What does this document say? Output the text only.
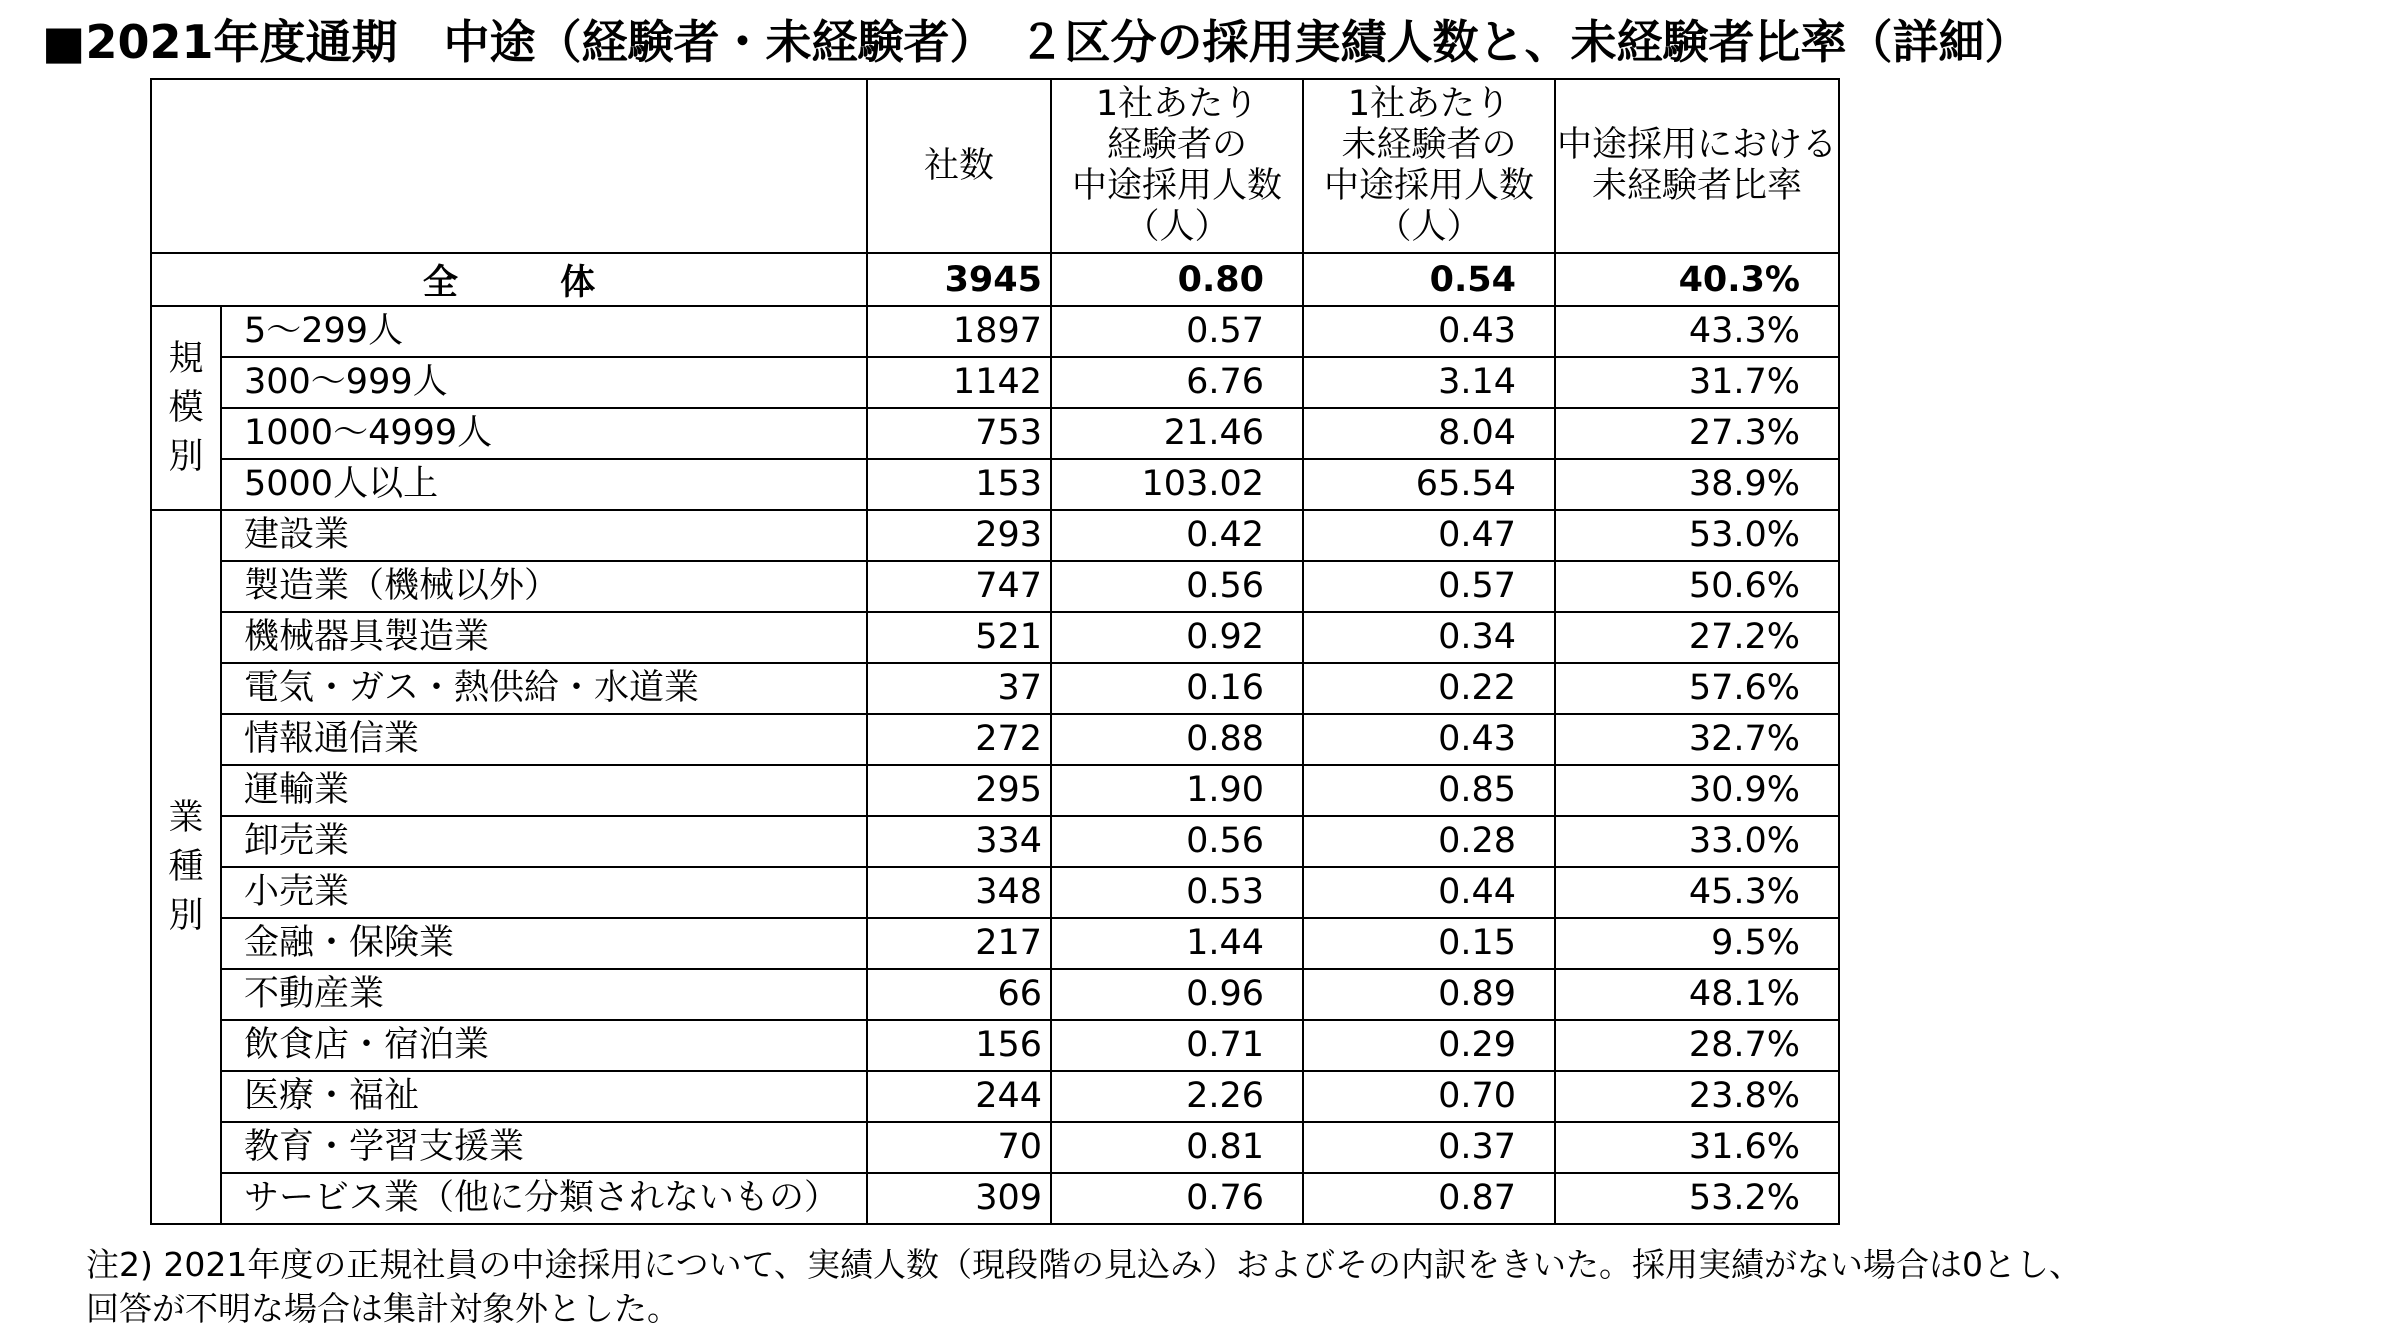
■2021年度通期　中途（経験者・未経験者）　２区分の採用実績人数と、未経験者比率（詳細）
		社数	1社あたり
経験者の
中途採用人数
（人）	1社あたり
未経験者の
中途採用人数
（人）	中途採用における
未経験者比率
全 体		3945	0.80	0.54	40.3%
規
模
別	5～299人	1897	0.57	0.43	43.3%
	300～999人	1142	6.76	3.14	31.7%
	1000～4999人	753	21.46	8.04	27.3%
	5000人以上	153	103.02	65.54	38.9%
業
種
別	建設業	293	0.42	0.47	53.0%
	製造業（機械以外）	747	0.56	0.57	50.6%
	機械器具製造業	521	0.92	0.34	27.2%
	電気・ガス・熱供給・水道業	37	0.16	0.22	57.6%
	情報通信業	272	0.88	0.43	32.7%
	運輸業	295	1.90	0.85	30.9%
	卸売業	334	0.56	0.28	33.0%
	小売業	348	0.53	0.44	45.3%
	金融・保険業	217	1.44	0.15	9.5%
	不動産業	66	0.96	0.89	48.1%
	飲食店・宿泊業	156	0.71	0.29	28.7%
	医療・福祉	244	2.26	0.70	23.8%
	教育・学習支援業	70	0.81	0.37	31.6%
	サービス業（他に分類されないもの）	309	0.76	0.87	53.2%
注2) 2021年度の正規社員の中途採用について、実績人数（現段階の見込み）およびその内訳をきいた。採用実績がない場合は0とし、
回答が不明な場合は集計対象外とした。
